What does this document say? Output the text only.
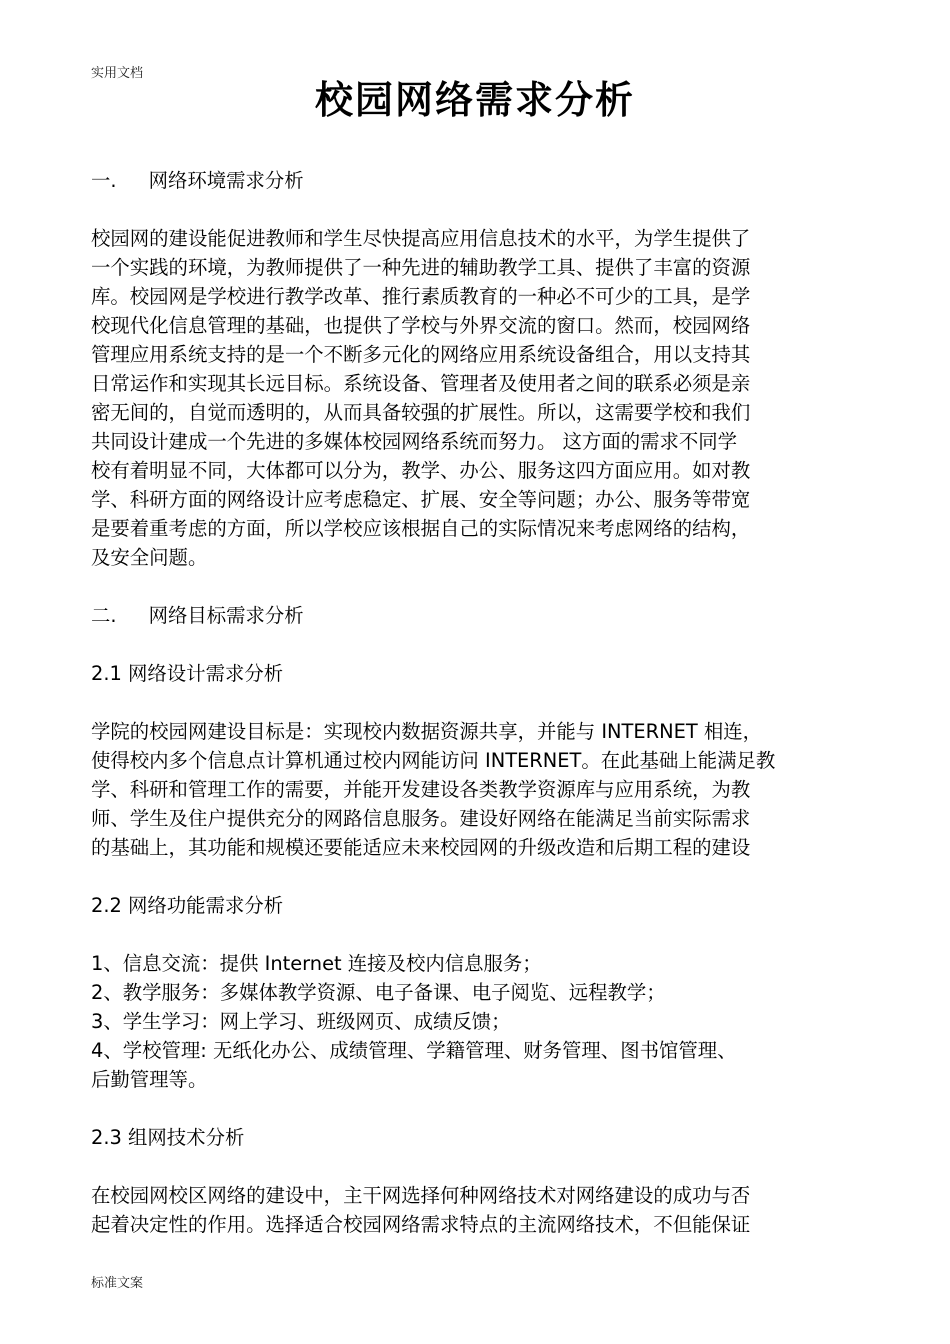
实用文档
校园网络需求分析

一. 网络环境需求分析

校园网的建设能促进教师和学生尽快提高应用信息技术的水平，为学生提供了

一个实践的环境，为教师提供了一种先进的辅助教学工具、提供了丰富的资源

库。校园网是学校进行教学改革、推行素质教育的一种必不可少的工具，是学

校现代化信息管理的基础，也提供了学校与外界交流的窗口。然而，校园网络

管理应用系统支持的是一个不断多元化的网络应用系统设备组合，用以支持其

日常运作和实现其长远目标。系统设备、管理者及使用者之间的联系必须是亲

密无间的，自觉而透明的，从而具备较强的扩展性。所以，这需要学校和我们

共同设计建成一个先进的多媒体校园网络系统而努力。 这方面的需求不同学

校有着明显不同，大体都可以分为，教学、办公、服务这四方面应用。如对教

学、科研方面的网络设计应考虑稳定、扩展、安全等问题；办公、服务等带宽

是要着重考虑的方面，所以学校应该根据自己的实际情况来考虑网络的结构，

及安全问题。

二. 网络目标需求分析

2.1 网络设计需求分析

学院的校园网建设目标是：实现校内数据资源共享，并能与 INTERNET 相连，

使得校内多个信息点计算机通过校内网能访问 INTERNET。在此基础上能满足教

学、科研和管理工作的需要，并能开发建设各类教学资源库与应用系统，为教

师、学生及住户提供充分的网路信息服务。建设好网络在能满足当前实际需求

的基础上，其功能和规模还要能适应未来校园网的升级改造和后期工程的建设

2.2 网络功能需求分析

1、信息交流：提供 Internet 连接及校内信息服务；

2、教学服务：多媒体教学资源、电子备课、电子阅览、远程教学；

3、学生学习：网上学习、班级网页、成绩反馈；

4、学校管理: 无纸化办公、成绩管理、学籍管理、财务管理、图书馆管理、

后勤管理等。

2.3 组网技术分析

在校园网校区网络的建设中，主干网选择何种网络技术对网络建设的成功与否

起着决定性的作用。选择适合校园网络需求特点的主流网络技术，不但能保证

标准文案
